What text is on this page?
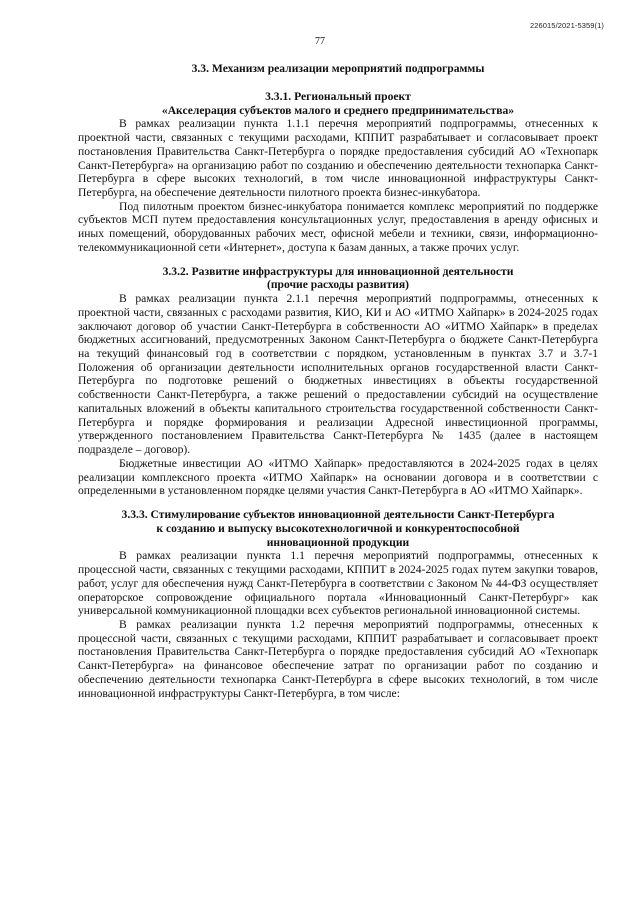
226015/2021-5359(1)
77
3.3. Механизм реализации мероприятий подпрограммы
3.3.1. Региональный проект
«Акселерация субъектов малого и среднего предпринимательства»

В рамках реализации пункта 1.1.1 перечня мероприятий подпрограммы, отнесенных к проектной части, связанных с текущими расходами, КППИТ разрабатывает и согласовывает проект постановления Правительства Санкт-Петербурга о порядке предоставления субсидий АО «Технопарк Санкт-Петербурга» на организацию работ по созданию и обеспечению деятельности технопарка Санкт-Петербурга в сфере высоких технологий, в том числе инновационной инфраструктуры Санкт-Петербурга, на обеспечение деятельности пилотного проекта бизнес-инкубатора.

Под пилотным проектом бизнес-инкубатора понимается комплекс мероприятий по поддержке субъектов МСП путем предоставления консультационных услуг, предоставления в аренду офисных и иных помещений, оборудованных рабочих мест, офисной мебели и техники, связи, информационно-телекоммуникационной сети «Интернет», доступа к базам данных, а также прочих услуг.

3.3.2. Развитие инфраструктуры для инновационной деятельности
(прочие расходы развития)

В рамках реализации пункта 2.1.1 перечня мероприятий подпрограммы, отнесенных к проектной части, связанных с расходами развития, КИО, КИ и АО «ИТМО Хайпарк» в 2024-2025 годах заключают договор об участии Санкт-Петербурга в собственности АО «ИТМО Хайпарк» в пределах бюджетных ассигнований, предусмотренных Законом Санкт-Петербурга о бюджете Санкт-Петербурга на текущий финансовый год в соответствии с порядком, установленным в пунктах 3.7 и 3.7-1 Положения об организации деятельности исполнительных органов государственной власти Санкт-Петербурга по подготовке решений о бюджетных инвестициях в объекты государственной собственности Санкт-Петербурга, а также решений о предоставлении субсидий на осуществление капитальных вложений в объекты капитального строительства государственной собственности Санкт-Петербурга и порядке формирования и реализации Адресной инвестиционной программы, утвержденного постановлением Правительства Санкт-Петербурга № 1435 (далее в настоящем подразделе – договор).

Бюджетные инвестиции АО «ИТМО Хайпарк» предоставляются в 2024-2025 годах в целях реализации комплексного проекта «ИТМО Хайпарк» на основании договора и в соответствии с определенными в установленном порядке целями участия Санкт-Петербурга в АО «ИТМО Хайпарк».

3.3.3. Стимулирование субъектов инновационной деятельности Санкт-Петербурга
к созданию и выпуску высокотехнологичной и конкурентоспособной
инновационной продукции

В рамках реализации пункта 1.1 перечня мероприятий подпрограммы, отнесенных к процессной части, связанных с текущими расходами, КППИТ в 2024-2025 годах путем закупки товаров, работ, услуг для обеспечения нужд Санкт-Петербурга в соответствии с Законом № 44-ФЗ осуществляет операторское сопровождение официального портала «Инновационный Санкт-Петербург» как универсальной коммуникационной площадки всех субъектов региональной инновационной системы.

В рамках реализации пункта 1.2 перечня мероприятий подпрограммы, отнесенных к процессной части, связанных с текущими расходами, КППИТ разрабатывает и согласовывает проект постановления Правительства Санкт-Петербурга о порядке предоставления субсидий АО «Технопарк Санкт-Петербурга» на финансовое обеспечение затрат по организации работ по созданию и обеспечению деятельности технопарка Санкт-Петербурга в сфере высоких технологий, в том числе инновационной инфраструктуры Санкт-Петербурга, в том числе:
